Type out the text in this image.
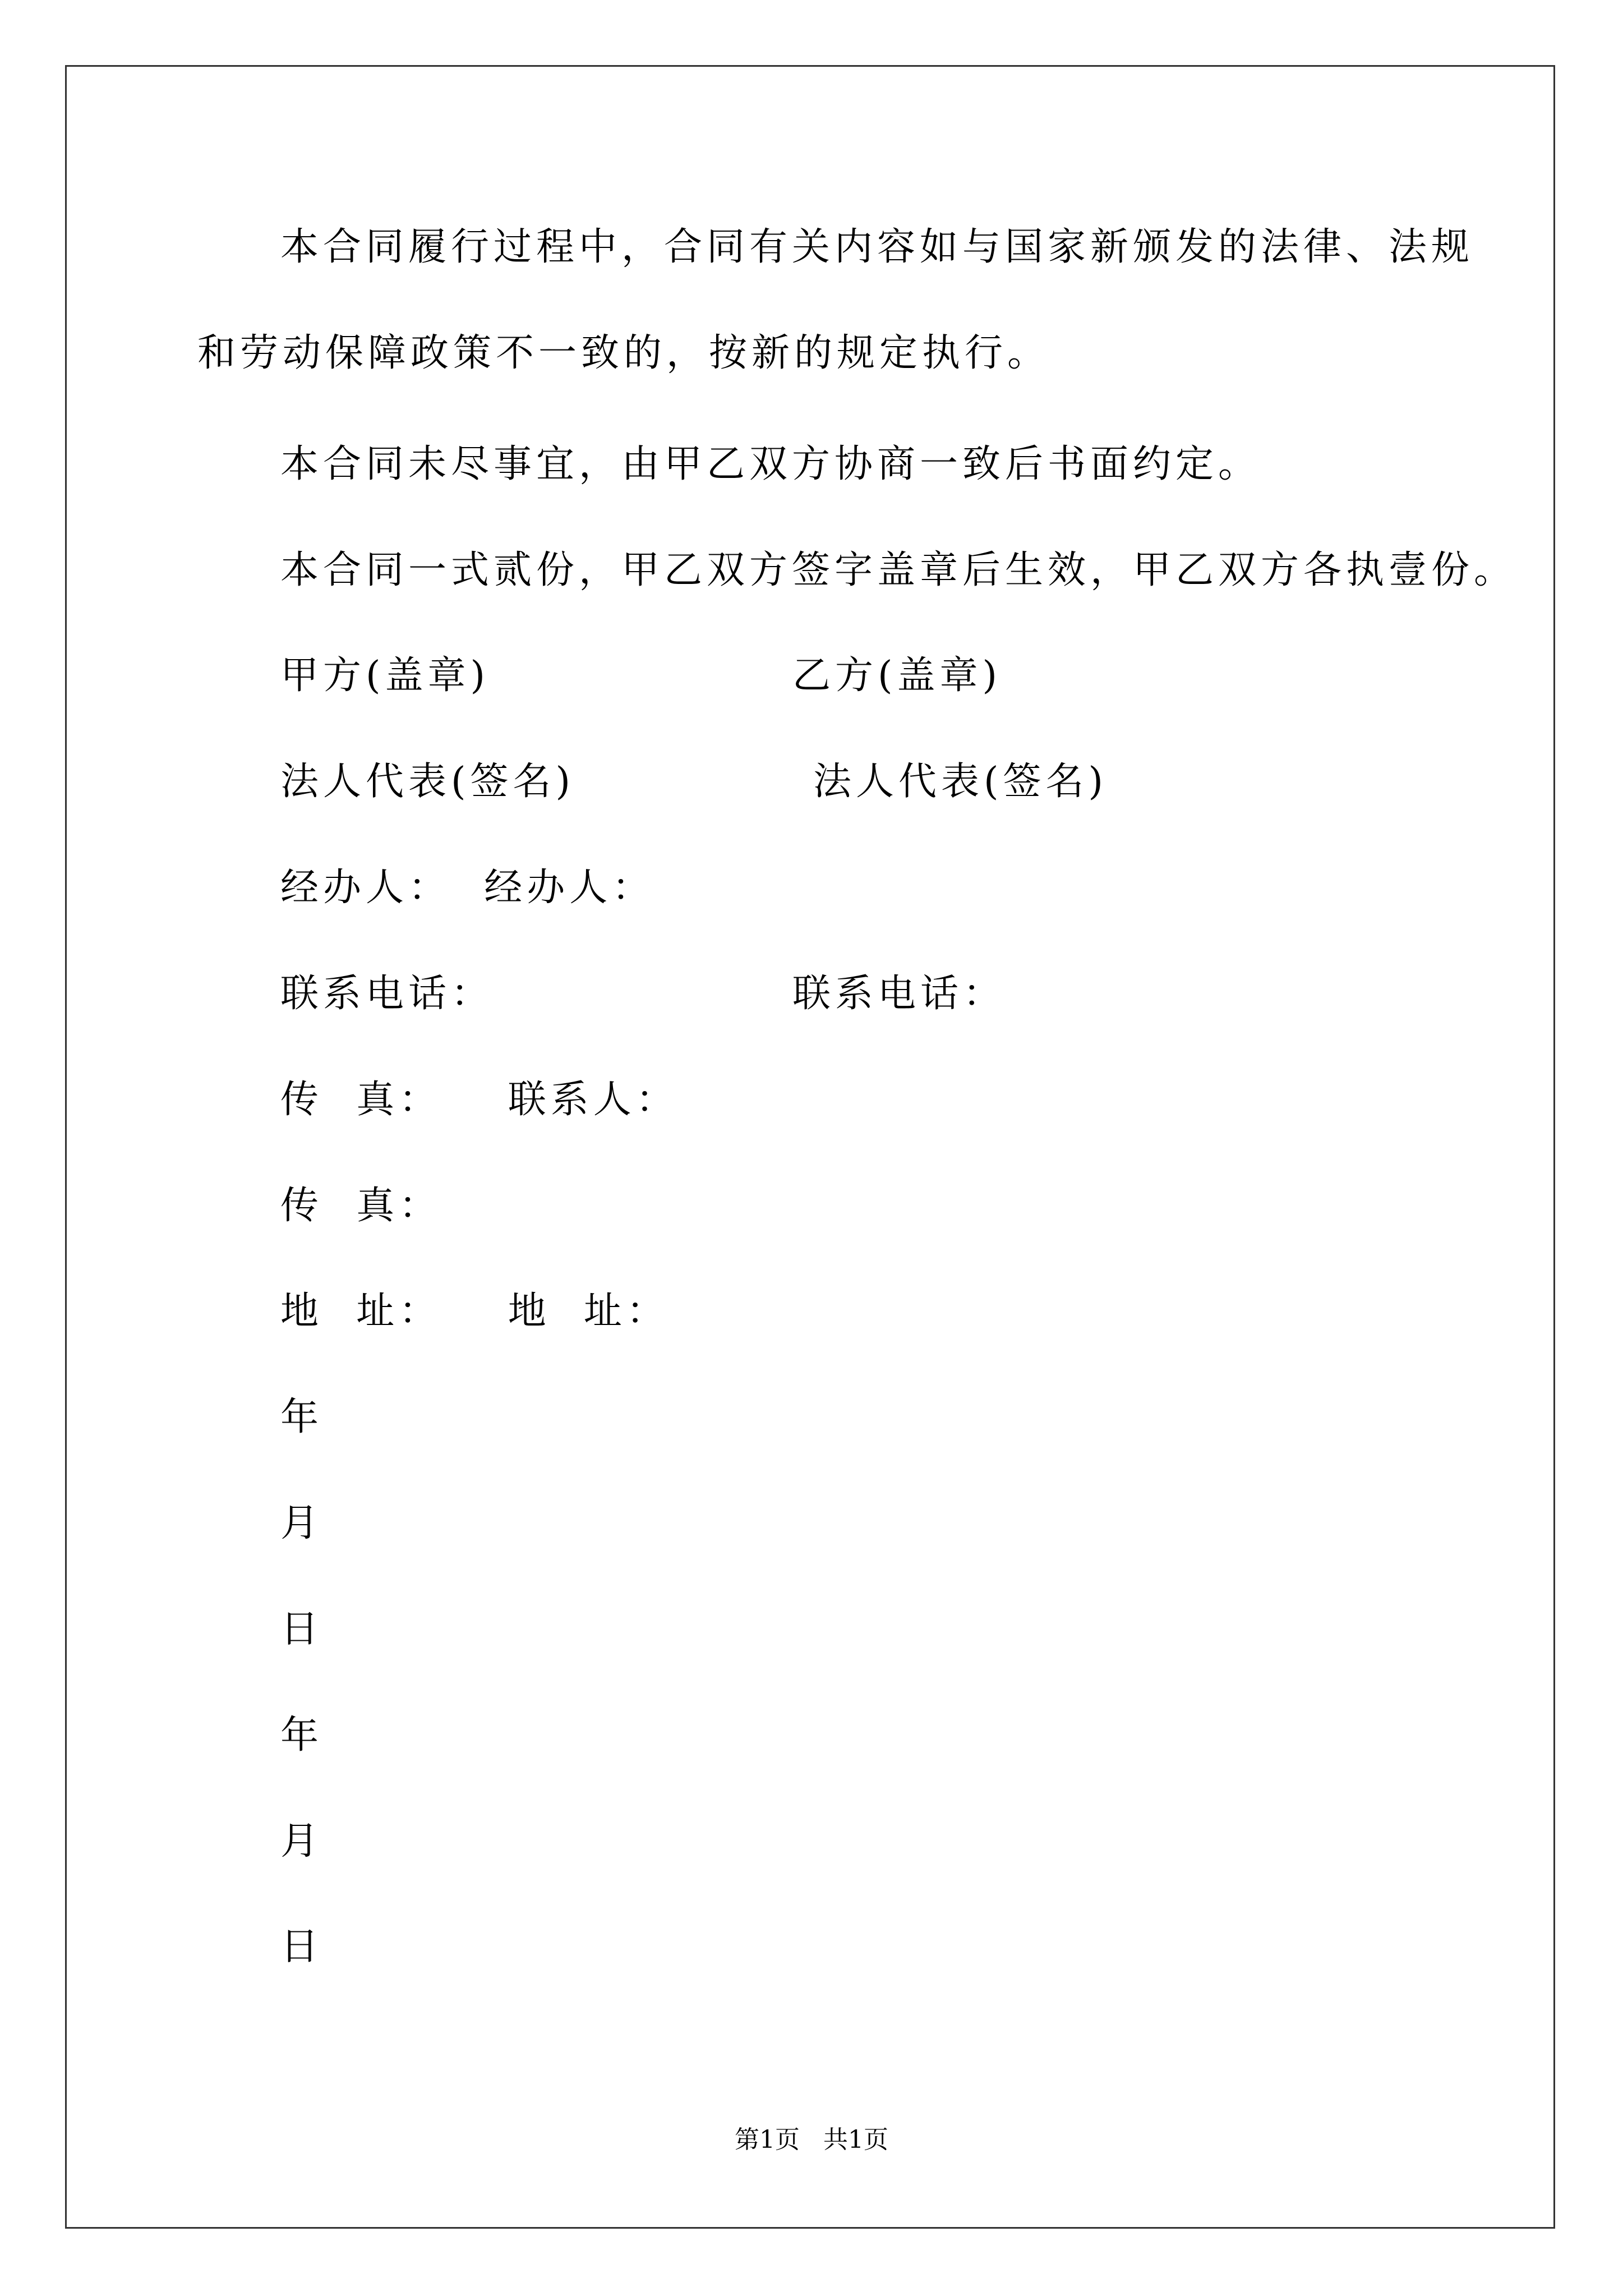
本合同履行过程中，合同有关内容如与国家新颁发的法律、法规
和劳动保障政策不一致的，按新的规定执行。
本合同未尽事宜，由甲乙双方协商一致后书面约定。
本合同一式贰份，甲乙双方签字盖章后生效，甲乙双方各执壹份。
甲方(盖章)	乙方(盖章)
法人代表(签名)	法人代表(签名)
经办人：  经办人：
联系电话：	联系电话：
传  真：    联系人：
传  真：
地  址：    地  址：
年
月
日
年
月
日
第1页   共1页
